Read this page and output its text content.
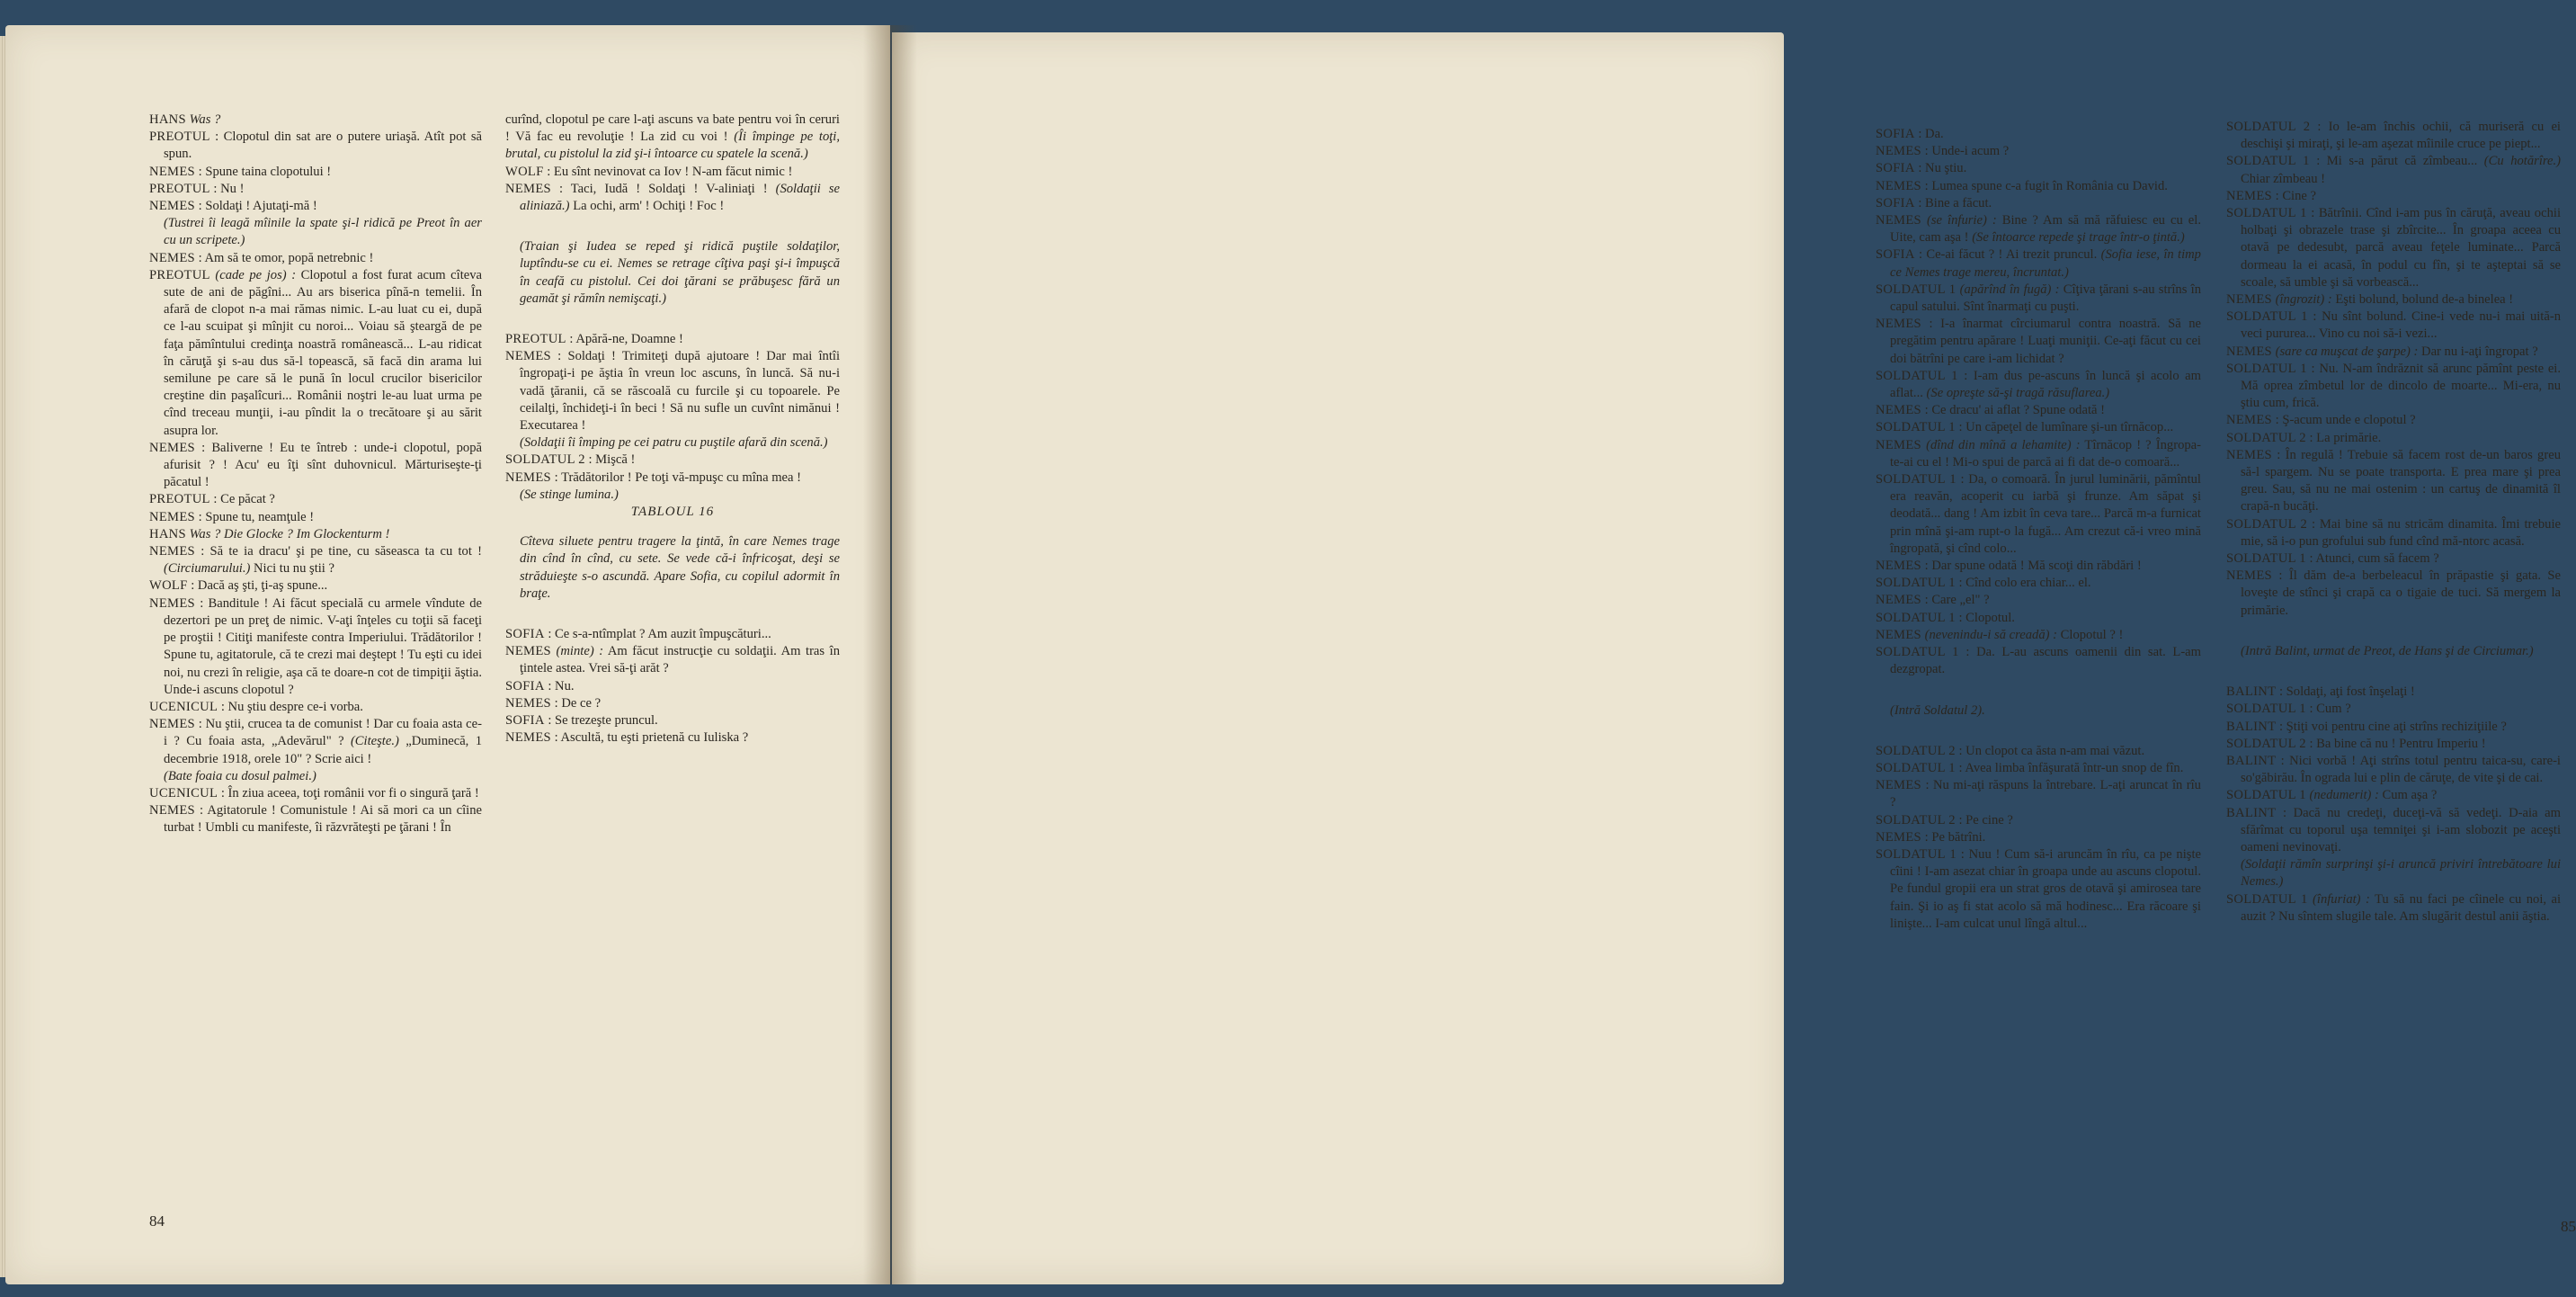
HANS Was ?

PREOTUL : Clopotul din sat are o putere uriaşă. Atît pot să spun.

NEMES : Spune taina clopotului !

PREOTUL : Nu !

NEMES : Soldaţi ! Ajutaţi-mă !

(Tustrei îi leagă mîinile la spate şi-l ridică pe Preot în aer cu un scripete.)

NEMES : Am să te omor, popă netrebnic !

PREOTUL (cade pe jos) : Clopotul a fost furat acum cîteva sute de ani de păgîni... Au ars biserica pînă-n temelii. În afară de clopot n-a mai rămas nimic. L-au luat cu ei, după ce l-au scuipat şi mînjit cu noroi... Voiau să şteargă de pe faţa pămîntului credinţa noastră românească... L-au ridicat în căruţă şi s-au dus să-l topească, să facă din arama lui semilune pe care să le pună în locul crucilor bisericilor creştine din paşalîcuri... Românii noştri le-au luat urma pe cînd treceau munţii, i-au pîndit la o trecătoare şi au sărit asupra lor.

NEMES : Baliverne ! Eu te întreb : unde-i clopotul, popă afurisit ? ! Acu' eu îţi sînt duhovnicul. Mărturiseşte-ţi păcatul !

PREOTUL : Ce păcat ?

NEMES : Spune tu, neamţule !

HANS Was ? Die Glocke ? Im Glockenturm !

NEMES : Să te ia dracu' şi pe tine, cu săseasca ta cu tot ! (Circiumarului.) Nici tu nu ştii ?

WOLF : Dacă aş şti, ţi-aş spune...

NEMES : Banditule ! Ai făcut specială cu armele vîndute de dezertori pe un preţ de nimic. V-aţi înţeles cu toţii să faceţi pe proştii ! Citiţi manifeste contra Imperiului. Trădătorilor ! Spune tu, agitatorule, că te crezi mai deştept ! Tu eşti cu idei noi, nu crezi în religie, aşa că te doare-n cot de timpiţii ăştia. Unde-i ascuns clopotul ?

UCENICUL : Nu ştiu despre ce-i vorba.

NEMES : Nu ştii, crucea ta de comunist ! Dar cu foaia asta ce-i ? Cu foaia asta, „Adevărul" ? (Citeşte.) „Duminecă, 1 decembrie 1918, orele 10" ? Scrie aici !

(Bate foaia cu dosul palmei.)

UCENICUL : În ziua aceea, toţi românii vor fi o singură ţară !

NEMES : Agitatorule ! Comunistule ! Ai să mori ca un cîine turbat ! Umbli cu manifeste, îi răzvrăteşti pe ţărani ! În

curînd, clopotul pe care l-aţi ascuns va bate pentru voi în ceruri ! Vă fac eu revoluţie ! La zid cu voi ! (Îi împinge pe toţi, brutal, cu pistolul la zid şi-i întoarce cu spatele la scenă.)

WOLF : Eu sînt nevinovat ca Iov ! N-am făcut nimic !

NEMES : Taci, Iudă ! Soldaţi ! V-aliniaţi ! (Soldaţii se aliniază.) La ochi, arm' ! Ochiţi ! Foc !

(Traian şi Iudea se reped şi ridică puştile soldaţilor, luptîndu-se cu ei. Nemes se retrage cîţiva paşi şi-i împuşcă în ceafă cu pistolul. Cei doi ţărani se prăbuşesc fără un geamăt şi rămîn nemişcaţi.)

PREOTUL : Apără-ne, Doamne !

NEMES : Soldaţi ! Trimiteţi după ajutoare ! Dar mai întîi îngropaţi-i pe ăştia în vreun loc ascuns, în luncă. Să nu-i vadă ţăranii, că se răscoală cu furcile şi cu topoarele. Pe ceilalţi, închideţi-i în beci ! Să nu sufle un cuvînt nimănui ! Executarea !

(Soldaţii îi împing pe cei patru cu puştile afară din scenă.)

SOLDATUL 2 : Mişcă !

NEMES : Trădătorilor ! Pe toţi vă-mpuşc cu mîna mea !

(Se stinge lumina.)

TABLOUL 16

Cîteva siluete pentru tragere la ţintă, în care Nemes trage din cînd în cînd, cu sete. Se vede că-i înfricoşat, deşi se străduieşte s-o ascundă. Apare Sofia, cu copilul adormit în braţe.

SOFIA : Ce s-a-ntîmplat ? Am auzit împuşcături...

NEMES (minte) : Am făcut instrucţie cu soldaţii. Am tras în ţintele astea. Vrei să-ţi arăt ?

SOFIA : Nu.

NEMES : De ce ?

SOFIA : Se trezeşte pruncul.

NEMES : Ascultă, tu eşti prietenă cu Iuliska ?

84

SOFIA : Da.

NEMES : Unde-i acum ?

SOFIA : Nu ştiu.

NEMES : Lumea spune c-a fugit în România cu David.

SOFIA : Bine a făcut.

NEMES (se înfurie) : Bine ? Am să mă răfuiesc eu cu el. Uite, cam aşa ! (Se întoarce repede şi trage într-o ţintă.)

SOFIA : Ce-ai făcut ? ! Ai trezit pruncul. (Sofia iese, în timp ce Nemes trage mereu, încruntat.)

SOLDATUL 1 (apărînd în fugă) : Cîţiva ţărani s-au strîns în capul satului. Sînt înarmaţi cu puşti.

NEMES : I-a înarmat cîrciumarul contra noastră. Să ne pregătim pentru apărare ! Luaţi muniţii. Ce-aţi făcut cu cei doi bătrîni pe care i-am lichidat ?

SOLDATUL 1 : I-am dus pe-ascuns în luncă şi acolo am aflat... (Se opreşte să-şi tragă răsuflarea.)

NEMES : Ce dracu' ai aflat ? Spune odată !

SOLDATUL 1 : Un căpeţel de lumînare şi-un tîrnăcop...

NEMES (dînd din mînă a lehamite) : Tîrnăcop ! ? Îngropa-te-ai cu el ! Mi-o spui de parcă ai fi dat de-o comoară...

SOLDATUL 1 : Da, o comoară. În jurul luminării, pămîntul era reavăn, acoperit cu iarbă şi frunze. Am săpat şi deodată... dang ! Am izbit în ceva tare... Parcă m-a furnicat prin mînă şi-am rupt-o la fugă... Am crezut că-i vreo mină îngropată, şi cînd colo...

NEMES : Dar spune odată ! Mă scoţi din răbdări !

SOLDATUL 1 : Cînd colo era chiar... el.

NEMES : Care „el" ?

SOLDATUL 1 : Clopotul.

NEMES (nevenindu-i să creadă) : Clopotul ? !

SOLDATUL 1 : Da. L-au ascuns oamenii din sat. L-am dezgropat.

(Intră Soldatul 2).

SOLDATUL 2 : Un clopot ca ăsta n-am mai văzut.

SOLDATUL 1 : Avea limba înfăşurată într-un snop de fîn.

NEMES : Nu mi-aţi răspuns la întrebare. L-aţi aruncat în rîu ?

SOLDATUL 2 : Pe cine ?

NEMES : Pe bătrîni.

SOLDATUL 1 : Nuu ! Cum să-i aruncăm în rîu, ca pe nişte cîini ! I-am asezat chiar în groapa unde au ascuns clopotul. Pe fundul gropii era un strat gros de otavă şi amirosea tare fain. Şi io aş fi stat acolo să mă hodinesc... Era răcoare şi linişte... I-am culcat unul lîngă altul...

SOLDATUL 2 : Io le-am închis ochii, că muriseră cu ei deschişi şi miraţi, şi le-am aşezat mîinile cruce pe piept...

SOLDATUL 1 : Mi s-a părut că zîmbeau... (Cu hotărîre.) Chiar zîmbeau !

NEMES : Cine ?

SOLDATUL 1 : Bătrînii. Cînd i-am pus în căruţă, aveau ochii holbaţi şi obrazele trase şi zbîrcite... În groapa aceea cu otavă pe dedesubt, parcă aveau feţele luminate... Parcă dormeau la ei acasă, în podul cu fîn, şi te aşteptai să se scoale, să umble şi să vorbească...

NEMES (îngrozit) : Eşti bolund, bolund de-a binelea !

SOLDATUL 1 : Nu sînt bolund. Cine-i vede nu-i mai uită-n veci pururea... Vino cu noi să-i vezi...

NEMES (sare ca muşcat de şarpe) : Dar nu i-aţi îngropat ?

SOLDATUL 1 : Nu. N-am îndrăznit să arunc pămînt peste ei. Mă oprea zîmbetul lor de dincolo de moarte... Mi-era, nu ştiu cum, frică.

NEMES : Ş-acum unde e clopotul ?

SOLDATUL 2 : La primărie.

NEMES : În regulă ! Trebuie să facem rost de-un baros greu să-l spargem. Nu se poate transporta. E prea mare şi prea greu. Sau, să nu ne mai ostenim : un cartuş de dinamită îl crapă-n bucăţi.

SOLDATUL 2 : Mai bine să nu stricăm dinamita. Îmi trebuie mie, să i-o pun grofului sub fund cînd mă-ntorc acasă.

SOLDATUL 1 : Atunci, cum să facem ?

NEMES : Îl dăm de-a berbeleacul în prăpastie şi gata. Se loveşte de stînci şi crapă ca o tigaie de tuci. Să mergem la primărie.

(Intră Balint, urmat de Preot, de Hans şi de Circiumar.)

BALINT : Soldaţi, aţi fost înşelaţi !

SOLDATUL 1 : Cum ?

BALINT : Ştiţi voi pentru cine aţi strîns rechiziţiile ?

SOLDATUL 2 : Ba bine că nu ! Pentru Imperiu !

BALINT : Nici vorbă ! Aţi strîns totul pentru taica-su, care-i so'găbirău. În ograda lui e plin de căruţe, de vite şi de cai.

SOLDATUL 1 (nedumerit) : Cum aşa ?

BALINT : Dacă nu credeţi, duceţi-vă să vedeţi. D-aia am sfărîmat cu toporul uşa temniţei şi i-am slobozit pe aceşti oameni nevinovaţi.

(Soldaţii rămîn surprinşi şi-i aruncă priviri întrebătoare lui Nemes.)

SOLDATUL 1 (înfuriat) : Tu să nu faci pe cîinele cu noi, ai auzit ? Nu sîntem slugile tale. Am slugărit destul anii ăştia.

85
